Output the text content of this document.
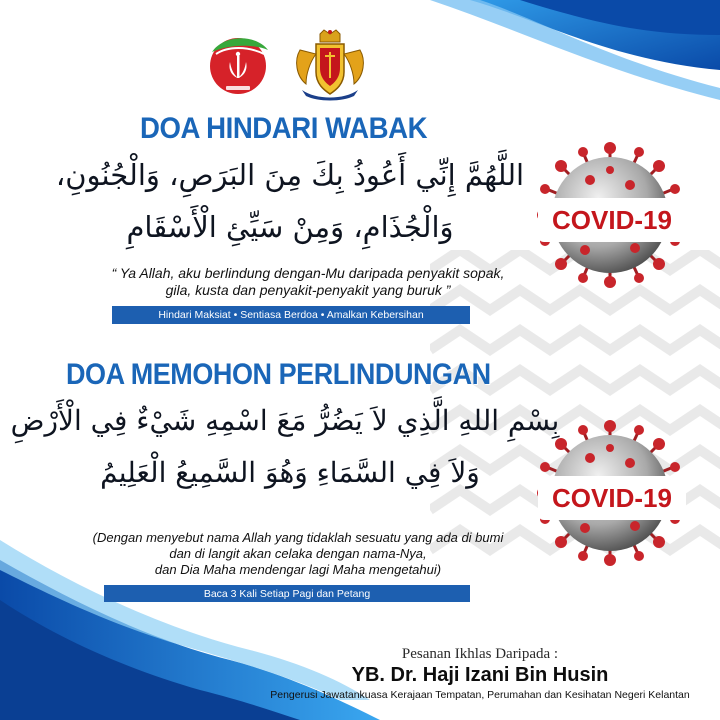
DOA HINDARI WABAK

اللَّهُمَّ إِنِّي أَعُوذُ بِكَ مِنَ البَرَصِ، وَالْجُنُونِ،

وَالْجُذَامِ، وَمِنْ سَيِّئِ الْأَسْقَامِ

“ Ya Allah, aku berlindung dengan-Mu daripada penyakit sopak,

gila, kusta dan penyakit-penyakit yang buruk ”

Hindari Maksiat • Sentiasa Berdoa • Amalkan Kebersihan
COVID-19
DOA MEMOHON PERLINDUNGAN

بِسْمِ اللهِ الَّذِي لاَ يَضُرُّ مَعَ اسْمِهِ شَيْءٌ فِي الْأَرْضِ

وَلاَ فِي السَّمَاءِ وَهُوَ السَّمِيعُ الْعَلِيمُ

(Dengan menyebut nama Allah yang tidaklah sesuatu yang ada di bumi

dan di langit akan celaka dengan nama-Nya,

dan Dia Maha mendengar lagi Maha mengetahui)

Baca 3 Kali Setiap Pagi dan Petang
COVID-19

Pesanan Ikhlas Daripada :

YB. Dr. Haji Izani Bin Husin

Pengerusi Jawatankuasa Kerajaan Tempatan, Perumahan dan Kesihatan Negeri Kelantan
